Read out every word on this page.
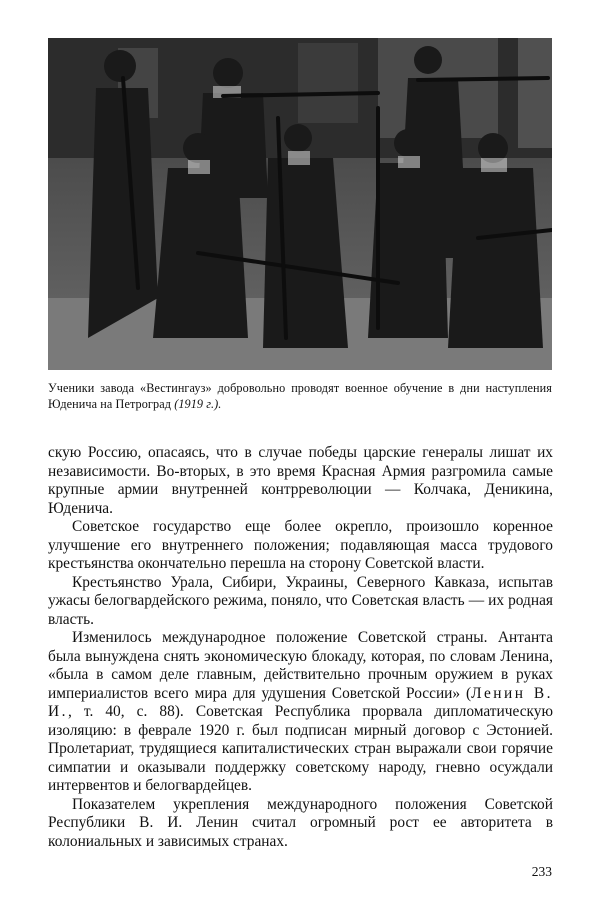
Ученики завода «Вестингауз» добровольно проводят военное обучение в дни наступления Юденича на Петроград (1919 г.).

скую Россию, опасаясь, что в случае победы царские генералы лишат их независимости. Во-вторых, в это время Красная Армия разгромила самые крупные армии внутренней контрреволюции — Колчака, Деникина, Юденича.

Советское государство еще более окрепло, произошло коренное улучшение его внутреннего положения; подавляющая масса трудового крестьянства окончательно перешла на сторону Советской власти.

Крестьянство Урала, Сибири, Украины, Северного Кавказа, испытав ужасы белогвардейского режима, поняло, что Советская власть — их родная власть.

Изменилось международное положение Советской страны. Антанта была вынуждена снять экономическую блокаду, которая, по словам Ленина, «была в самом деле главным, действительно прочным оружием в руках империалистов всего мира для удушения Советской России» (Ленин В. И., т. 40, с. 88). Советская Республика прорвала дипломатическую изоляцию: в феврале 1920 г. был подписан мирный договор с Эстонией. Пролетариат, трудящиеся капиталистических стран выражали свои горячие симпатии и оказывали поддержку советскому народу, гневно осуждали интервентов и белогвардейцев.

Показателем укрепления международного положения Советской Республики В. И. Ленин считал огромный рост ее авторитета в колониальных и зависимых странах.

233
